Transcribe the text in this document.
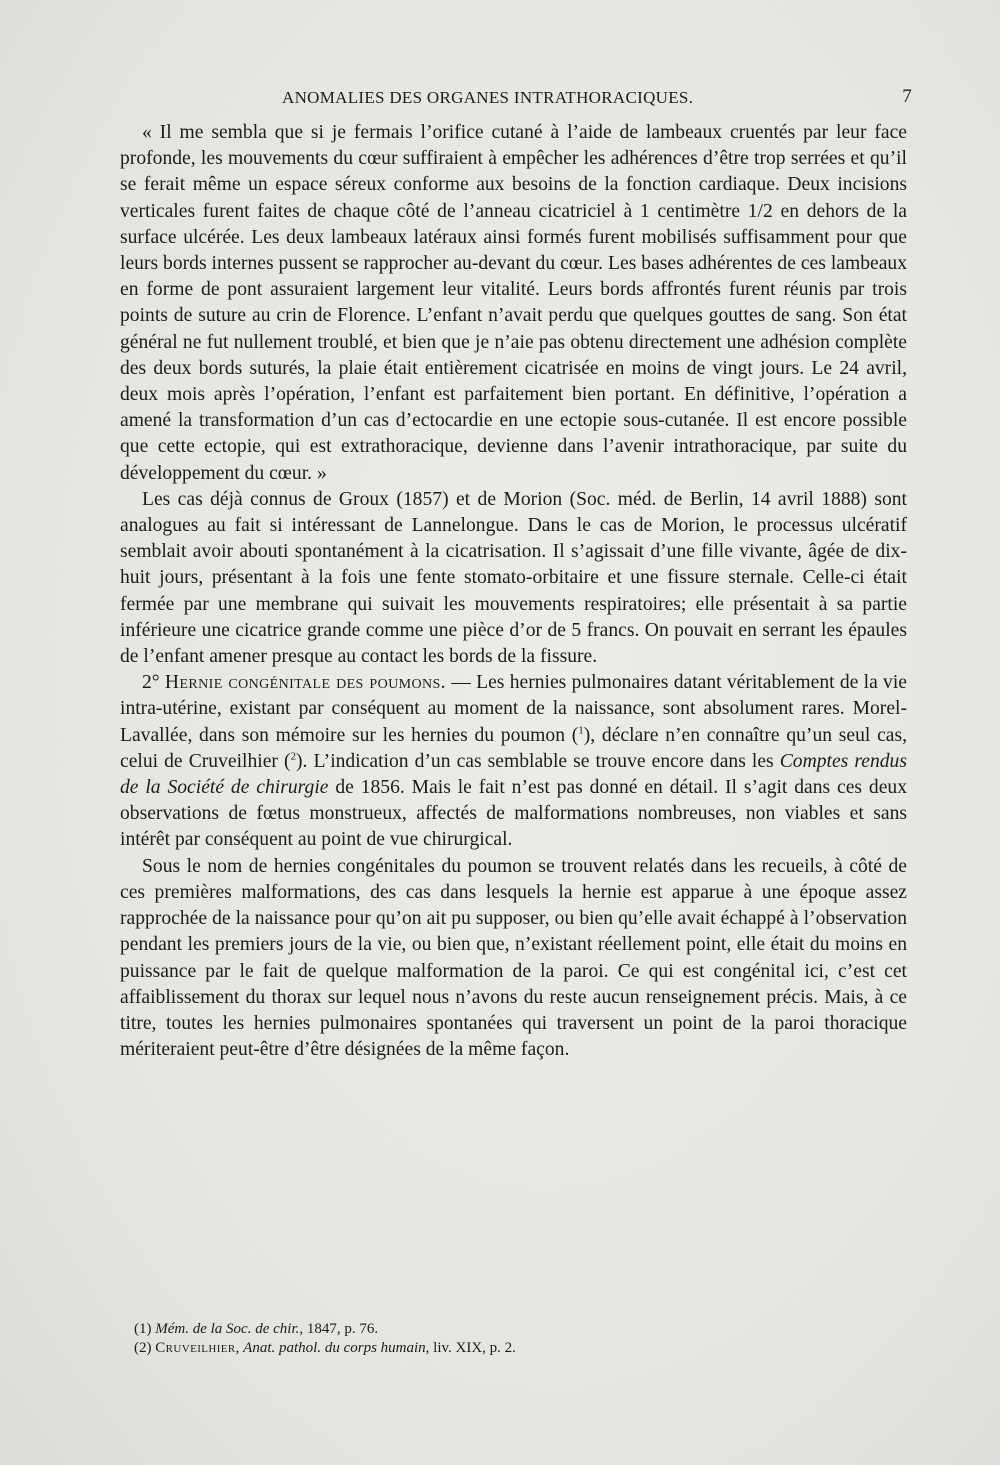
ANOMALIES DES ORGANES INTRATHORACIQUES.	7

« Il me sembla que si je fermais l’orifice cutané à l’aide de lambeaux cruentés par leur face profonde, les mouvements du cœur suffiraient à empêcher les adhérences d’être trop serrées et qu’il se ferait même un espace séreux conforme aux besoins de la fonction cardiaque. Deux incisions verticales furent faites de chaque côté de l’anneau cicatriciel à 1 centimètre 1/2 en dehors de la surface ulcérée. Les deux lambeaux latéraux ainsi formés furent mobilisés suffisamment pour que leurs bords internes pussent se rapprocher au-devant du cœur. Les bases adhérentes de ces lambeaux en forme de pont assuraient largement leur vitalité. Leurs bords affrontés furent réunis par trois points de suture au crin de Florence. L’enfant n’avait perdu que quelques gouttes de sang. Son état général ne fut nullement troublé, et bien que je n’aie pas obtenu directement une adhésion complète des deux bords suturés, la plaie était entièrement cicatrisée en moins de vingt jours. Le 24 avril, deux mois après l’opération, l’enfant est parfaitement bien portant. En définitive, l’opération a amené la transformation d’un cas d’ectocardie en une ectopie sous-cutanée. Il est encore possible que cette ectopie, qui est extrathoracique, devienne dans l’avenir intrathoracique, par suite du développement du cœur. »

Les cas déjà connus de Groux (1857) et de Morion (Soc. méd. de Berlin, 14 avril 1888) sont analogues au fait si intéressant de Lannelongue. Dans le cas de Morion, le processus ulcératif semblait avoir abouti spontanément à la cicatrisation. Il s’agissait d’une fille vivante, âgée de dix-huit jours, présentant à la fois une fente stomato-orbitaire et une fissure sternale. Celle-ci était fermée par une membrane qui suivait les mouvements respiratoires; elle présentait à sa partie inférieure une cicatrice grande comme une pièce d’or de 5 francs. On pouvait en serrant les épaules de l’enfant amener presque au contact les bords de la fissure.

2° Hernie congénitale des poumons. — Les hernies pulmonaires datant véritablement de la vie intra-utérine, existant par conséquent au moment de la naissance, sont absolument rares. Morel-Lavallée, dans son mémoire sur les hernies du poumon ($^1$), déclare n’en connaître qu’un seul cas, celui de Cruveilhier ($^2$). L’indication d’un cas semblable se trouve encore dans les Comptes rendus de la Société de chirurgie de 1856. Mais le fait n’est pas donné en détail. Il s’agit dans ces deux observations de fœtus monstrueux, affectés de malformations nombreuses, non viables et sans intérêt par conséquent au point de vue chirurgical.

Sous le nom de hernies congénitales du poumon se trouvent relatés dans les recueils, à côté de ces premières malformations, des cas dans lesquels la hernie est apparue à une époque assez rapprochée de la naissance pour qu’on ait pu supposer, ou bien qu’elle avait échappé à l’observation pendant les premiers jours de la vie, ou bien que, n’existant réellement point, elle était du moins en puissance par le fait de quelque malformation de la paroi. Ce qui est congénital ici, c’est cet affaiblissement du thorax sur lequel nous n’avons du reste aucun renseignement précis. Mais, à ce titre, toutes les hernies pulmonaires spontanées qui traversent un point de la paroi thoracique mériteraient peut-être d’être désignées de la même façon.

(1) Mém. de la Soc. de chir., 1847, p. 76.
(2) Cruveilhier, Anat. pathol. du corps humain, liv. XIX, p. 2.
